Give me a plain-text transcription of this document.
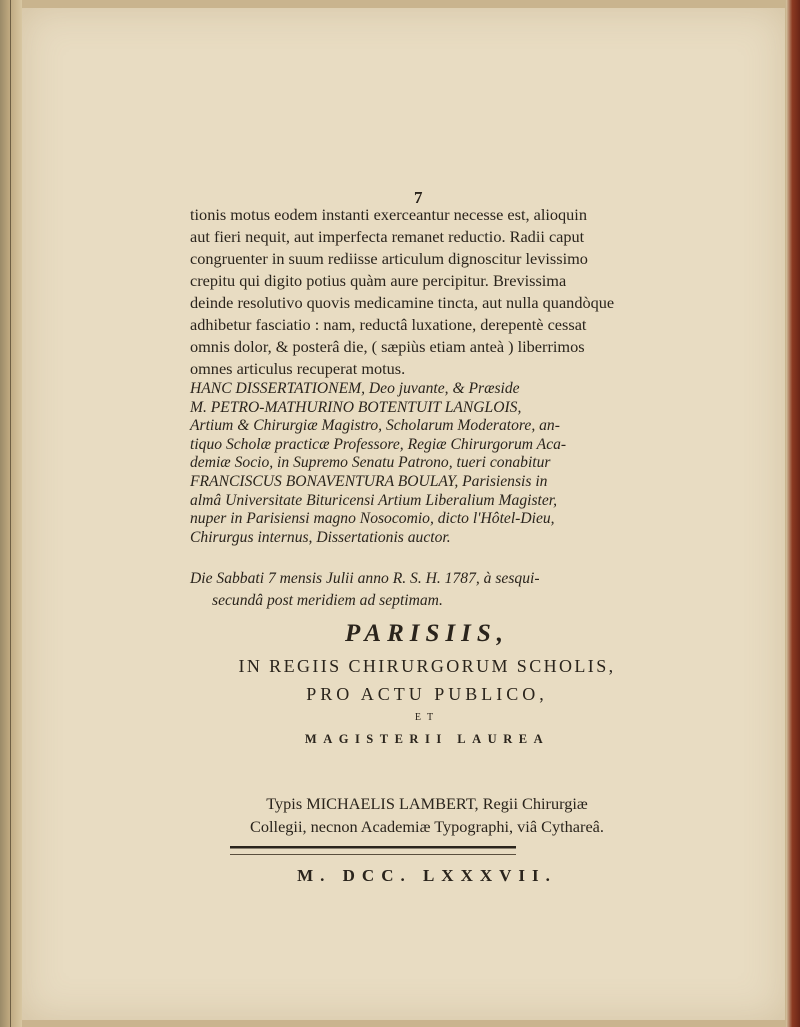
7

tionis motus eodem instanti exerceantur necesse est, alioquin

aut fieri nequit, aut imperfecta remanet reductio. Radii caput

congruenter in suum rediisse articulum dignoscitur levissimo

crepitu qui digito potius quàm aure percipitur. Brevissima

deinde resolutivo quovis medicamine tincta, aut nulla quandòque

adhibetur fasciatio : nam, reductâ luxatione, derepentè cessat

omnis dolor, & posterâ die, ( sæpiùs etiam anteà ) liberrimos

omnes articulus recuperat motus.

HANC DISSERTATIONEM, Deo juvante, & Præside

M. PETRO-MATHURINO BOTENTUIT LANGLOIS,

Artium & Chirurgiæ Magistro, Scholarum Moderatore, an-

tiquo Scholæ practicæ Professore, Regiæ Chirurgorum Aca-

demiæ Socio, in Supremo Senatu Patrono, tueri conabitur

FRANCISCUS BONAVENTURA BOULAY, Parisiensis in

almâ Universitate Bituricensi Artium Liberalium Magister,

nuper in Parisiensi magno Nosocomio, dicto l'Hôtel-Dieu,

Chirurgus internus, Dissertationis auctor.

Die Sabbati 7 mensis Julii anno R. S. H. 1787, à sesqui-

secundâ post meridiem ad septimam.

PARISIIS,
IN REGIIS CHIRURGORUM SCHOLIS,
PRO ACTU PUBLICO,
ET
MAGISTERII LAUREA

Typis MICHAELIS LAMBERT, Regii Chirurgiæ

Collegii, necnon Academiæ Typographi, viâ Cythareâ.

M. DCC. LXXXVII.
